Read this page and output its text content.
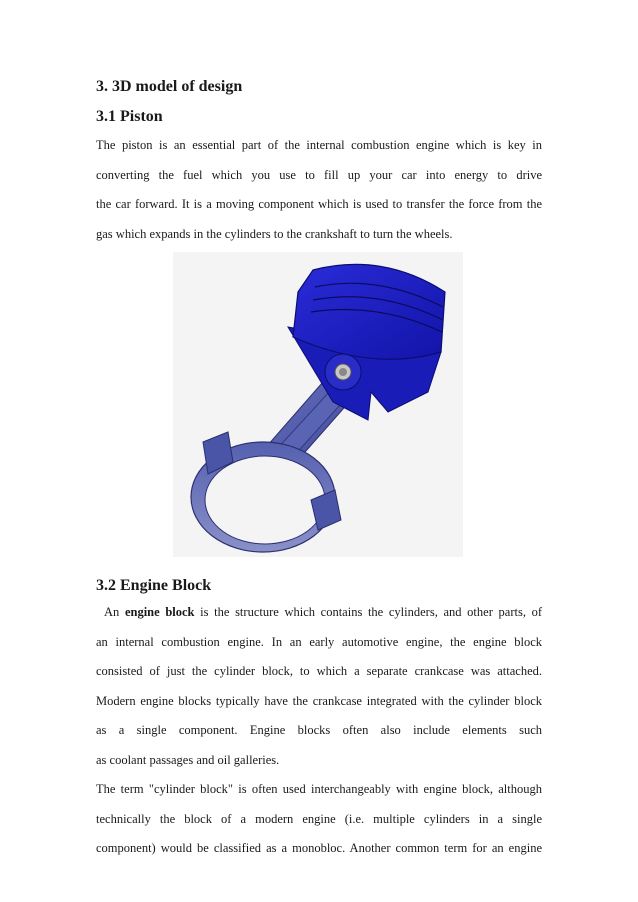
3. 3D model of design
3.1 Piston
The piston is an essential part of the internal combustion engine which is key in
converting the fuel which you use to fill up your car into energy to drive
the car forward. It is a moving component which is used to transfer the force from the
gas which expands in the cylinders to the crankshaft to turn the wheels.
3.2 Engine Block
An engine block is the structure which contains the cylinders, and other parts, of
an internal combustion engine. In an early automotive engine, the engine block
consisted of just the cylinder block, to which a separate crankcase was attached.
Modern engine blocks typically have the crankcase integrated with the cylinder block
as a single component. Engine blocks often also include elements such
as coolant passages and oil galleries.
The term "cylinder block" is often used interchangeably with engine block, although
technically the block of a modern engine (i.e. multiple cylinders in a single
component) would be classified as a monobloc. Another common term for an engine
